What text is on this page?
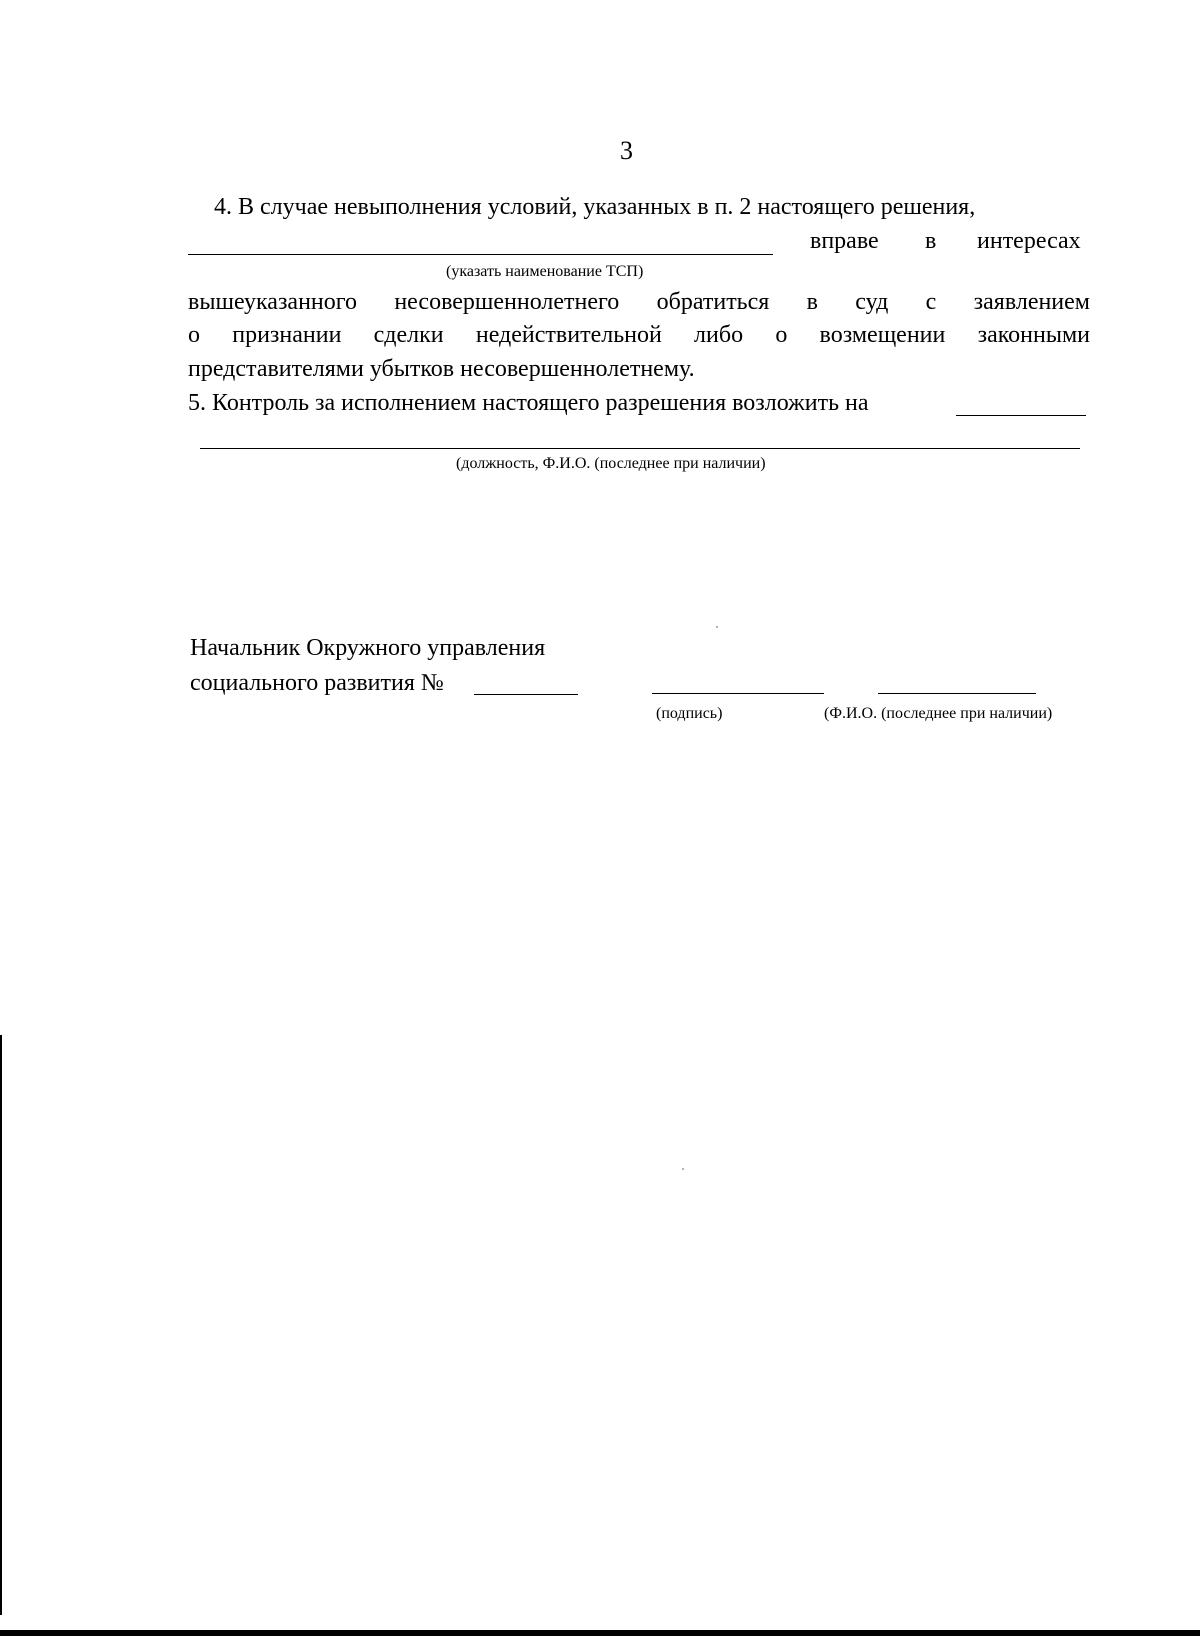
3
4. В случае невыполнения условий, указанных в п. 2 настоящего решения,
вправе в интересах
(указать наименование ТСП)
вышеуказанного несовершеннолетнего обратиться в суд с заявлением
о признании сделки недействительной либо о возмещении законными
представителями убытков несовершеннолетнему.
5. Контроль за исполнением настоящего разрешения возложить на
(должность, Ф.И.О. (последнее при наличии)
Начальник Окружного управления
социального развития №
(подпись)	(Ф.И.О. (последнее при наличии)
